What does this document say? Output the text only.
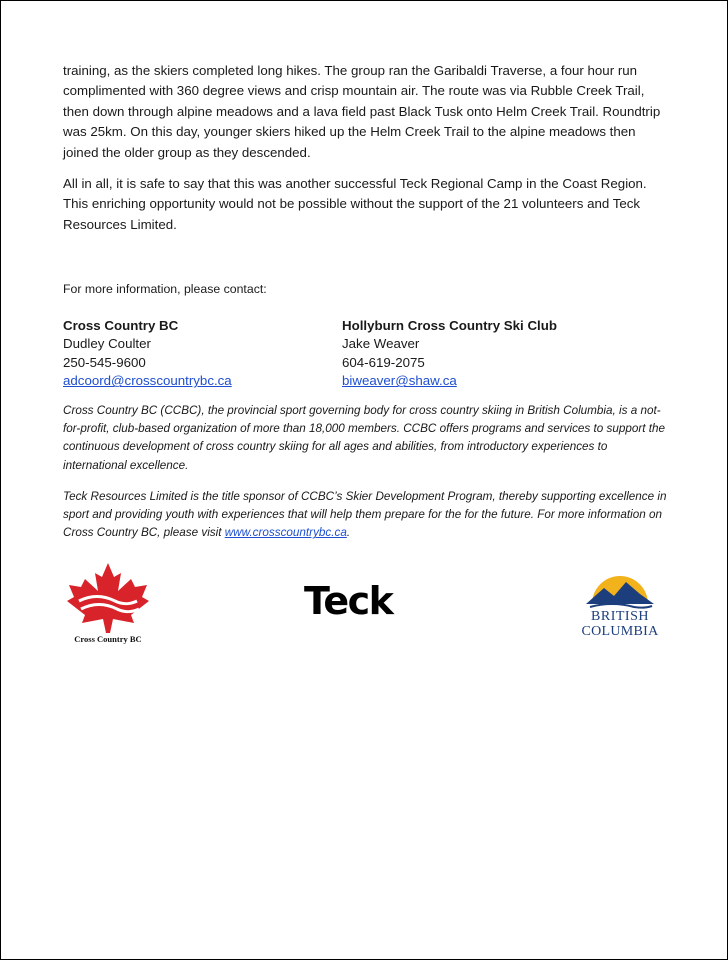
training, as the skiers completed long hikes. The group ran the Garibaldi Traverse, a four hour run complimented with 360 degree views and crisp mountain air. The route was via Rubble Creek Trail, then down through alpine meadows and a lava field past Black Tusk onto Helm Creek Trail. Roundtrip was 25km. On this day, younger skiers hiked up the Helm Creek Trail to the alpine meadows then joined the older group as they descended.

All in all, it is safe to say that this was another successful Teck Regional Camp in the Coast Region. This enriching opportunity would not be possible without the support of the 21 volunteers and Teck Resources Limited.

For more information, please contact:

Cross Country BC
Dudley Coulter
250-545-9600
adcoord@crosscountrybc.ca
Hollyburn Cross Country Ski Club
Jake Weaver
604-619-2075
biweaver@shaw.ca

Cross Country BC (CCBC), the provincial sport governing body for cross country skiing in British Columbia, is a not-for-profit, club-based organization of more than 18,000 members. CCBC offers programs and services to support the continuous development of cross country skiing for all ages and abilities, from introductory experiences to international excellence.

Teck Resources Limited is the title sponsor of CCBC’s Skier Development Program, thereby supporting excellence in sport and providing youth with experiences that will help them prepare for the for the future. For more information on Cross Country BC, please visit www.crosscountrybc.ca.

Cross Country BC
Teck	BRITISH
COLUMBIA
